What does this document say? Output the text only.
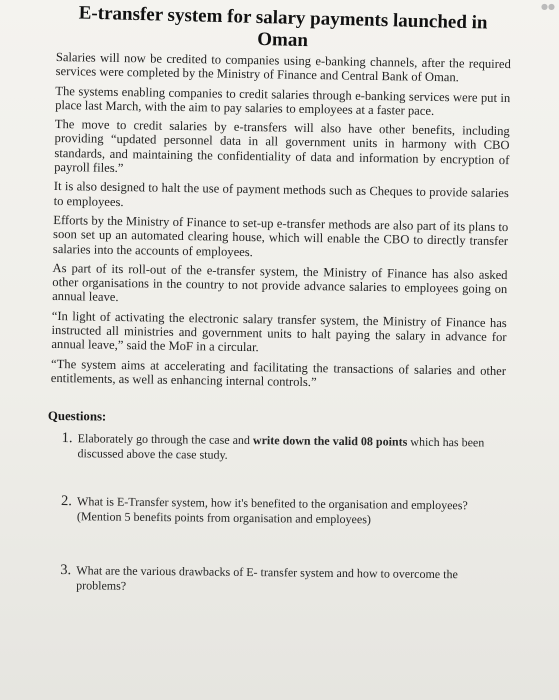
●●
E-transfer system for salary payments launched in
Oman

Salaries will now be credited to companies using e-banking channels, after the required services were completed by the Ministry of Finance and Central Bank of Oman.

The systems enabling companies to credit salaries through e-banking services were put in place last March, with the aim to pay salaries to employees at a faster pace.

The move to credit salaries by e-transfers will also have other benefits, including providing “updated personnel data in all government units in harmony with CBO standards, and maintaining the confidentiality of data and information by encryption of payroll files.”

It is also designed to halt the use of payment methods such as Cheques to provide salaries to employees.

Efforts by the Ministry of Finance to set-up e-transfer methods are also part of its plans to soon set up an automated clearing house, which will enable the CBO to directly transfer salaries into the accounts of employees.

As part of its roll-out of the e-transfer system, the Ministry of Finance has also asked other organisations in the country to not provide advance salaries to employees going on annual leave.

“In light of activating the electronic salary transfer system, the Ministry of Finance has instructed all ministries and government units to halt paying the salary in advance for annual leave,” said the MoF in a circular.

“The system aims at accelerating and facilitating the transactions of salaries and other entitlements, as well as enhancing internal controls.”

Questions:
1. Elaborately go through the case and write down the valid 08 points which has been discussed above the case study.
2. What is E-Transfer system, how it's benefited to the organisation and employees? (Mention 5 benefits points from organisation and employees)
3. What are the various drawbacks of E- transfer system and how to overcome the problems?
